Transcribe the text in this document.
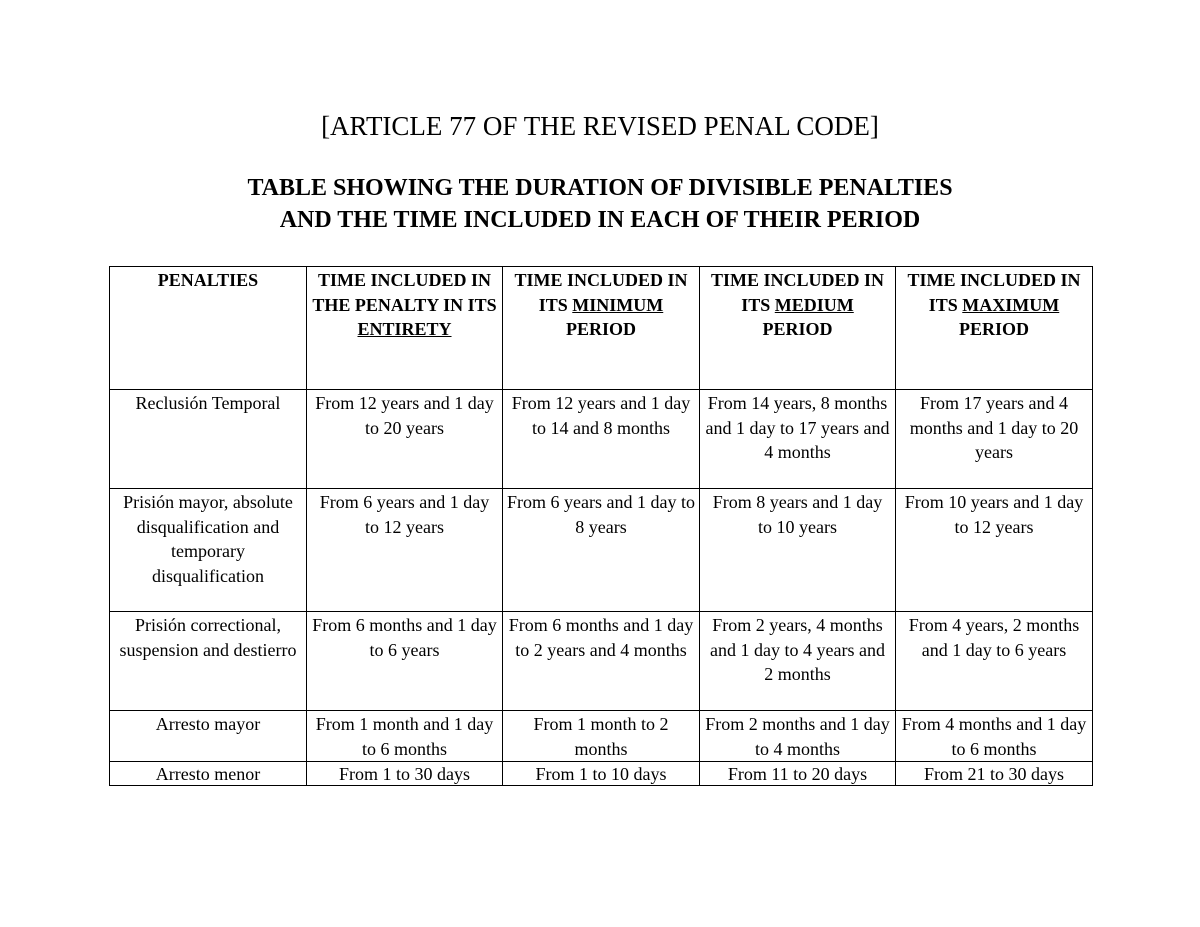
[ARTICLE 77 OF THE REVISED PENAL CODE]

TABLE SHOWING THE DURATION OF DIVISIBLE PENALTIES
AND THE TIME INCLUDED IN EACH OF THEIR PERIOD
PENALTIES	TIME INCLUDED IN THE PENALTY IN ITS ENTIRETY	TIME INCLUDED IN ITS MINIMUM PERIOD	TIME INCLUDED IN ITS MEDIUM PERIOD	TIME INCLUDED IN ITS MAXIMUM PERIOD
Reclusión Temporal	From 12 years and 1 day to 20 years	From 12 years and 1 day to 14 and 8 months	From 14 years, 8 months and 1 day to 17 years and 4 months	From 17 years and 4 months and 1 day to 20 years
Prisión mayor, absolute disqualification and temporary disqualification	From 6 years and 1 day to 12 years	From 6 years and 1 day to 8 years	From 8 years and 1 day to 10 years	From 10 years and 1 day to 12 years
Prisión correctional, suspension and destierro	From 6 months and 1 day to 6 years	From 6 months and 1 day to 2 years and 4 months	From 2 years, 4 months and 1 day to 4 years and 2 months	From 4 years, 2 months and 1 day to 6 years
Arresto mayor	From 1 month and 1 day to 6 months	From 1 month to 2 months	From 2 months and 1 day to 4 months	From 4 months and 1 day to 6 months
Arresto menor	From 1 to 30 days	From 1 to 10 days	From 11 to 20 days	From 21 to 30 days
